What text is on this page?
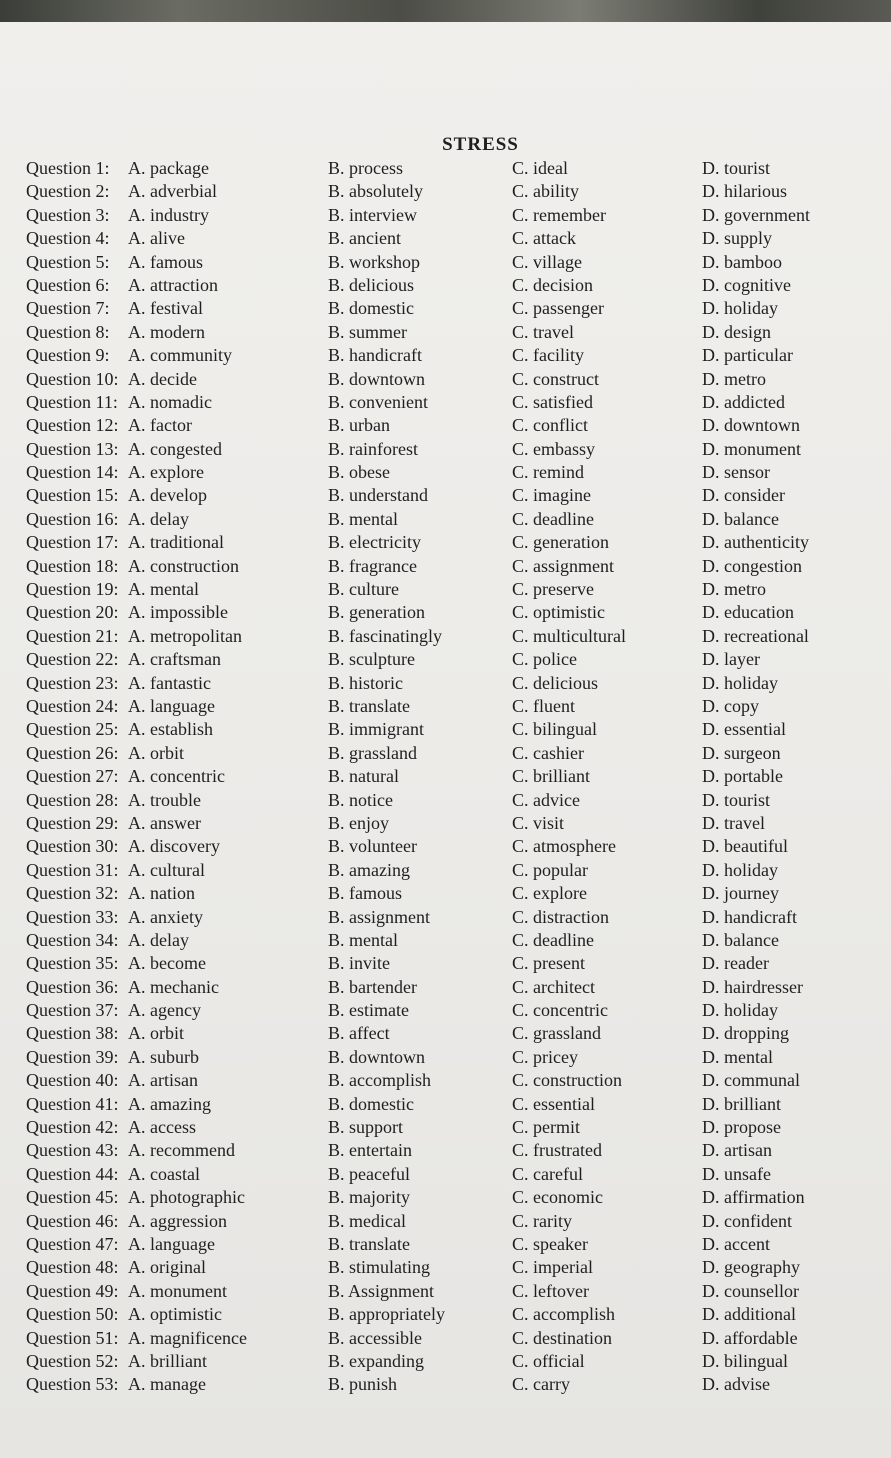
STRESS
Question 1: A. package	B. process	C. ideal	D. tourist
Question 2: A. adverbial	B. absolutely	C. ability	D. hilarious
Question 3: A. industry	B. interview	C. remember	D. government
Question 4: A. alive	B. ancient	C. attack	D. supply
Question 5: A. famous	B. workshop	C. village	D. bamboo
Question 6: A. attraction	B. delicious	C. decision	D. cognitive
Question 7: A. festival	B. domestic	C. passenger	D. holiday
Question 8: A. modern	B. summer	C. travel	D. design
Question 9: A. community	B. handicraft	C. facility	D. particular
Question 10: A. decide	B. downtown	C. construct	D. metro
Question 11: A. nomadic	B. convenient	C. satisfied	D. addicted
Question 12: A. factor	B. urban	C. conflict	D. downtown
Question 13: A. congested	B. rainforest	C. embassy	D. monument
Question 14: A. explore	B. obese	C. remind	D. sensor
Question 15: A. develop	B. understand	C. imagine	D. consider
Question 16: A. delay	B. mental	C. deadline	D. balance
Question 17: A. traditional	B. electricity	C. generation	D. authenticity
Question 18: A. construction	B. fragrance	C. assignment	D. congestion
Question 19: A. mental	B. culture	C. preserve	D. metro
Question 20: A. impossible	B. generation	C. optimistic	D. education
Question 21: A. metropolitan	B. fascinatingly	C. multicultural	D. recreational
Question 22: A. craftsman	B. sculpture	C. police	D. layer
Question 23: A. fantastic	B. historic	C. delicious	D. holiday
Question 24: A. language	B. translate	C. fluent	D. copy
Question 25: A. establish	B. immigrant	C. bilingual	D. essential
Question 26: A. orbit	B. grassland	C. cashier	D. surgeon
Question 27: A. concentric	B. natural	C. brilliant	D. portable
Question 28: A. trouble	B. notice	C. advice	D. tourist
Question 29: A. answer	B. enjoy	C. visit	D. travel
Question 30: A. discovery	B. volunteer	C. atmosphere	D. beautiful
Question 31: A. cultural	B. amazing	C. popular	D. holiday
Question 32: A. nation	B. famous	C. explore	D. journey
Question 33: A. anxiety	B. assignment	C. distraction	D. handicraft
Question 34: A. delay	B. mental	C. deadline	D. balance
Question 35: A. become	B. invite	C. present	D. reader
Question 36: A. mechanic	B. bartender	C. architect	D. hairdresser
Question 37: A. agency	B. estimate	C. concentric	D. holiday
Question 38: A. orbit	B. affect	C. grassland	D. dropping
Question 39: A. suburb	B. downtown	C. pricey	D. mental
Question 40: A. artisan	B. accomplish	C. construction	D. communal
Question 41: A. amazing	B. domestic	C. essential	D. brilliant
Question 42: A. access	B. support	C. permit	D. propose
Question 43: A. recommend	B. entertain	C. frustrated	D. artisan
Question 44: A. coastal	B. peaceful	C. careful	D. unsafe
Question 45: A. photographic	B. majority	C. economic	D. affirmation
Question 46: A. aggression	B. medical	C. rarity	D. confident
Question 47: A. language	B. translate	C. speaker	D. accent
Question 48: A. original	B. stimulating	C. imperial	D. geography
Question 49: A. monument	B. Assignment	C. leftover	D. counsellor
Question 50: A. optimistic	B. appropriately	C. accomplish	D. additional
Question 51: A. magnificence	B. accessible	C. destination	D. affordable
Question 52: A. brilliant	B. expanding	C. official	D. bilingual
Question 53: A. manage	B. punish	C. carry	D. advise
